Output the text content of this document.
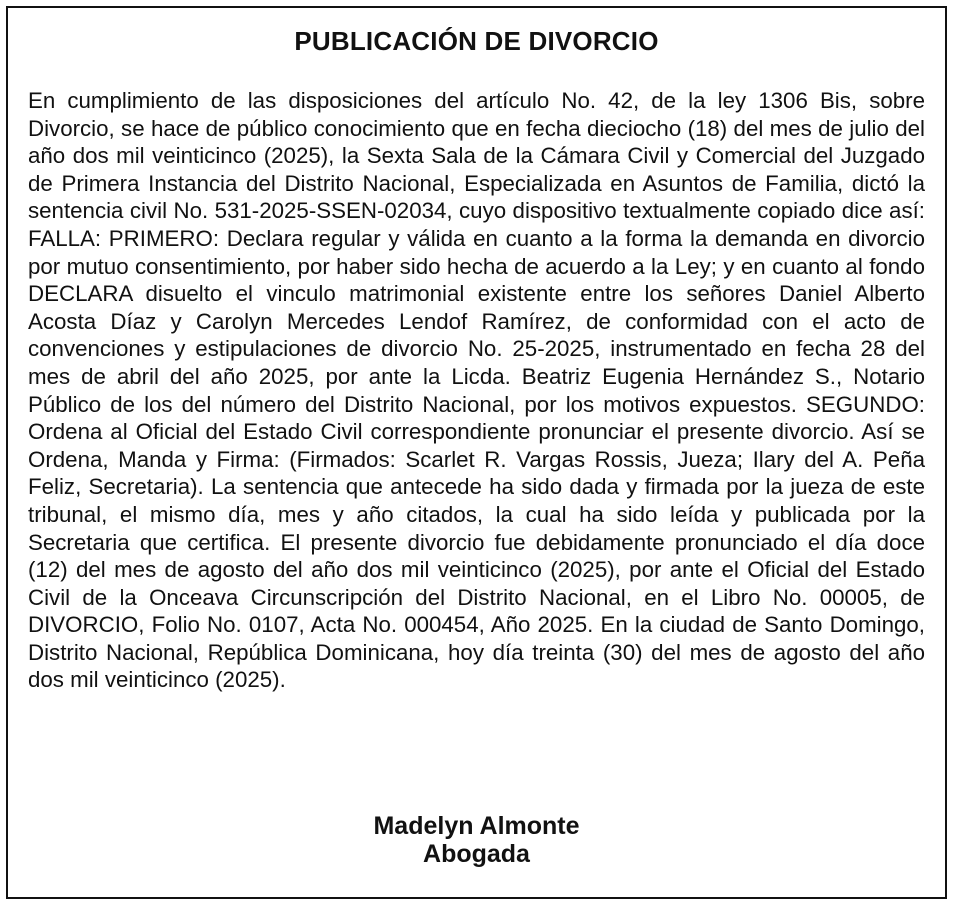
PUBLICACIÓN DE DIVORCIO

En cumplimiento de las disposiciones del artículo No. 42, de la ley 1306 Bis, sobre Divorcio, se hace de público conocimiento que en fecha dieciocho (18) del mes de julio del año dos mil veinticinco (2025), la Sexta Sala de la Cámara Civil y Comercial del Juzgado de Primera Instancia del Distrito Nacional, Especializada en Asuntos de Familia, dictó la sentencia civil No. 531-2025-SSEN-02034, cuyo dispositivo textualmente copiado dice así: FALLA: PRIMERO: Declara regular y válida en cuanto a la forma la demanda en divorcio por mutuo consentimiento, por haber sido hecha de acuerdo a la Ley; y en cuanto al fondo DECLARA disuelto el vinculo matrimonial existente entre los señores Daniel Alberto Acosta Díaz y Carolyn Mercedes Lendof Ramírez, de conformidad con el acto de convenciones y estipulaciones de divorcio No. 25-2025, instrumentado en fecha 28 del mes de abril del año 2025, por ante la Licda. Beatriz Eugenia Hernández S., Notario Público de los del número del Distrito Nacional, por los motivos expuestos. SEGUNDO: Ordena al Oficial del Estado Civil correspondiente pronunciar el presente divorcio. Así se Ordena, Manda y Firma: (Firmados: Scarlet R. Vargas Rossis, Jueza; Ilary del A. Peña Feliz, Secretaria). La sentencia que antecede ha sido dada y firmada por la jueza de este tribunal, el mismo día, mes y año citados, la cual ha sido leída y publicada por la Secretaria que certifica. El presente divorcio fue debidamente pronunciado el día doce (12) del mes de agosto del año dos mil veinticinco (2025), por ante el Oficial del Estado Civil de la Onceava Circunscripción del Distrito Nacional, en el Libro No. 00005, de DIVORCIO, Folio No. 0107, Acta No. 000454, Año 2025. En la ciudad de Santo Domingo, Distrito Nacional, República Dominicana, hoy día treinta (30) del mes de agosto del año dos mil veinticinco (2025).

Madelyn Almonte
Abogada
